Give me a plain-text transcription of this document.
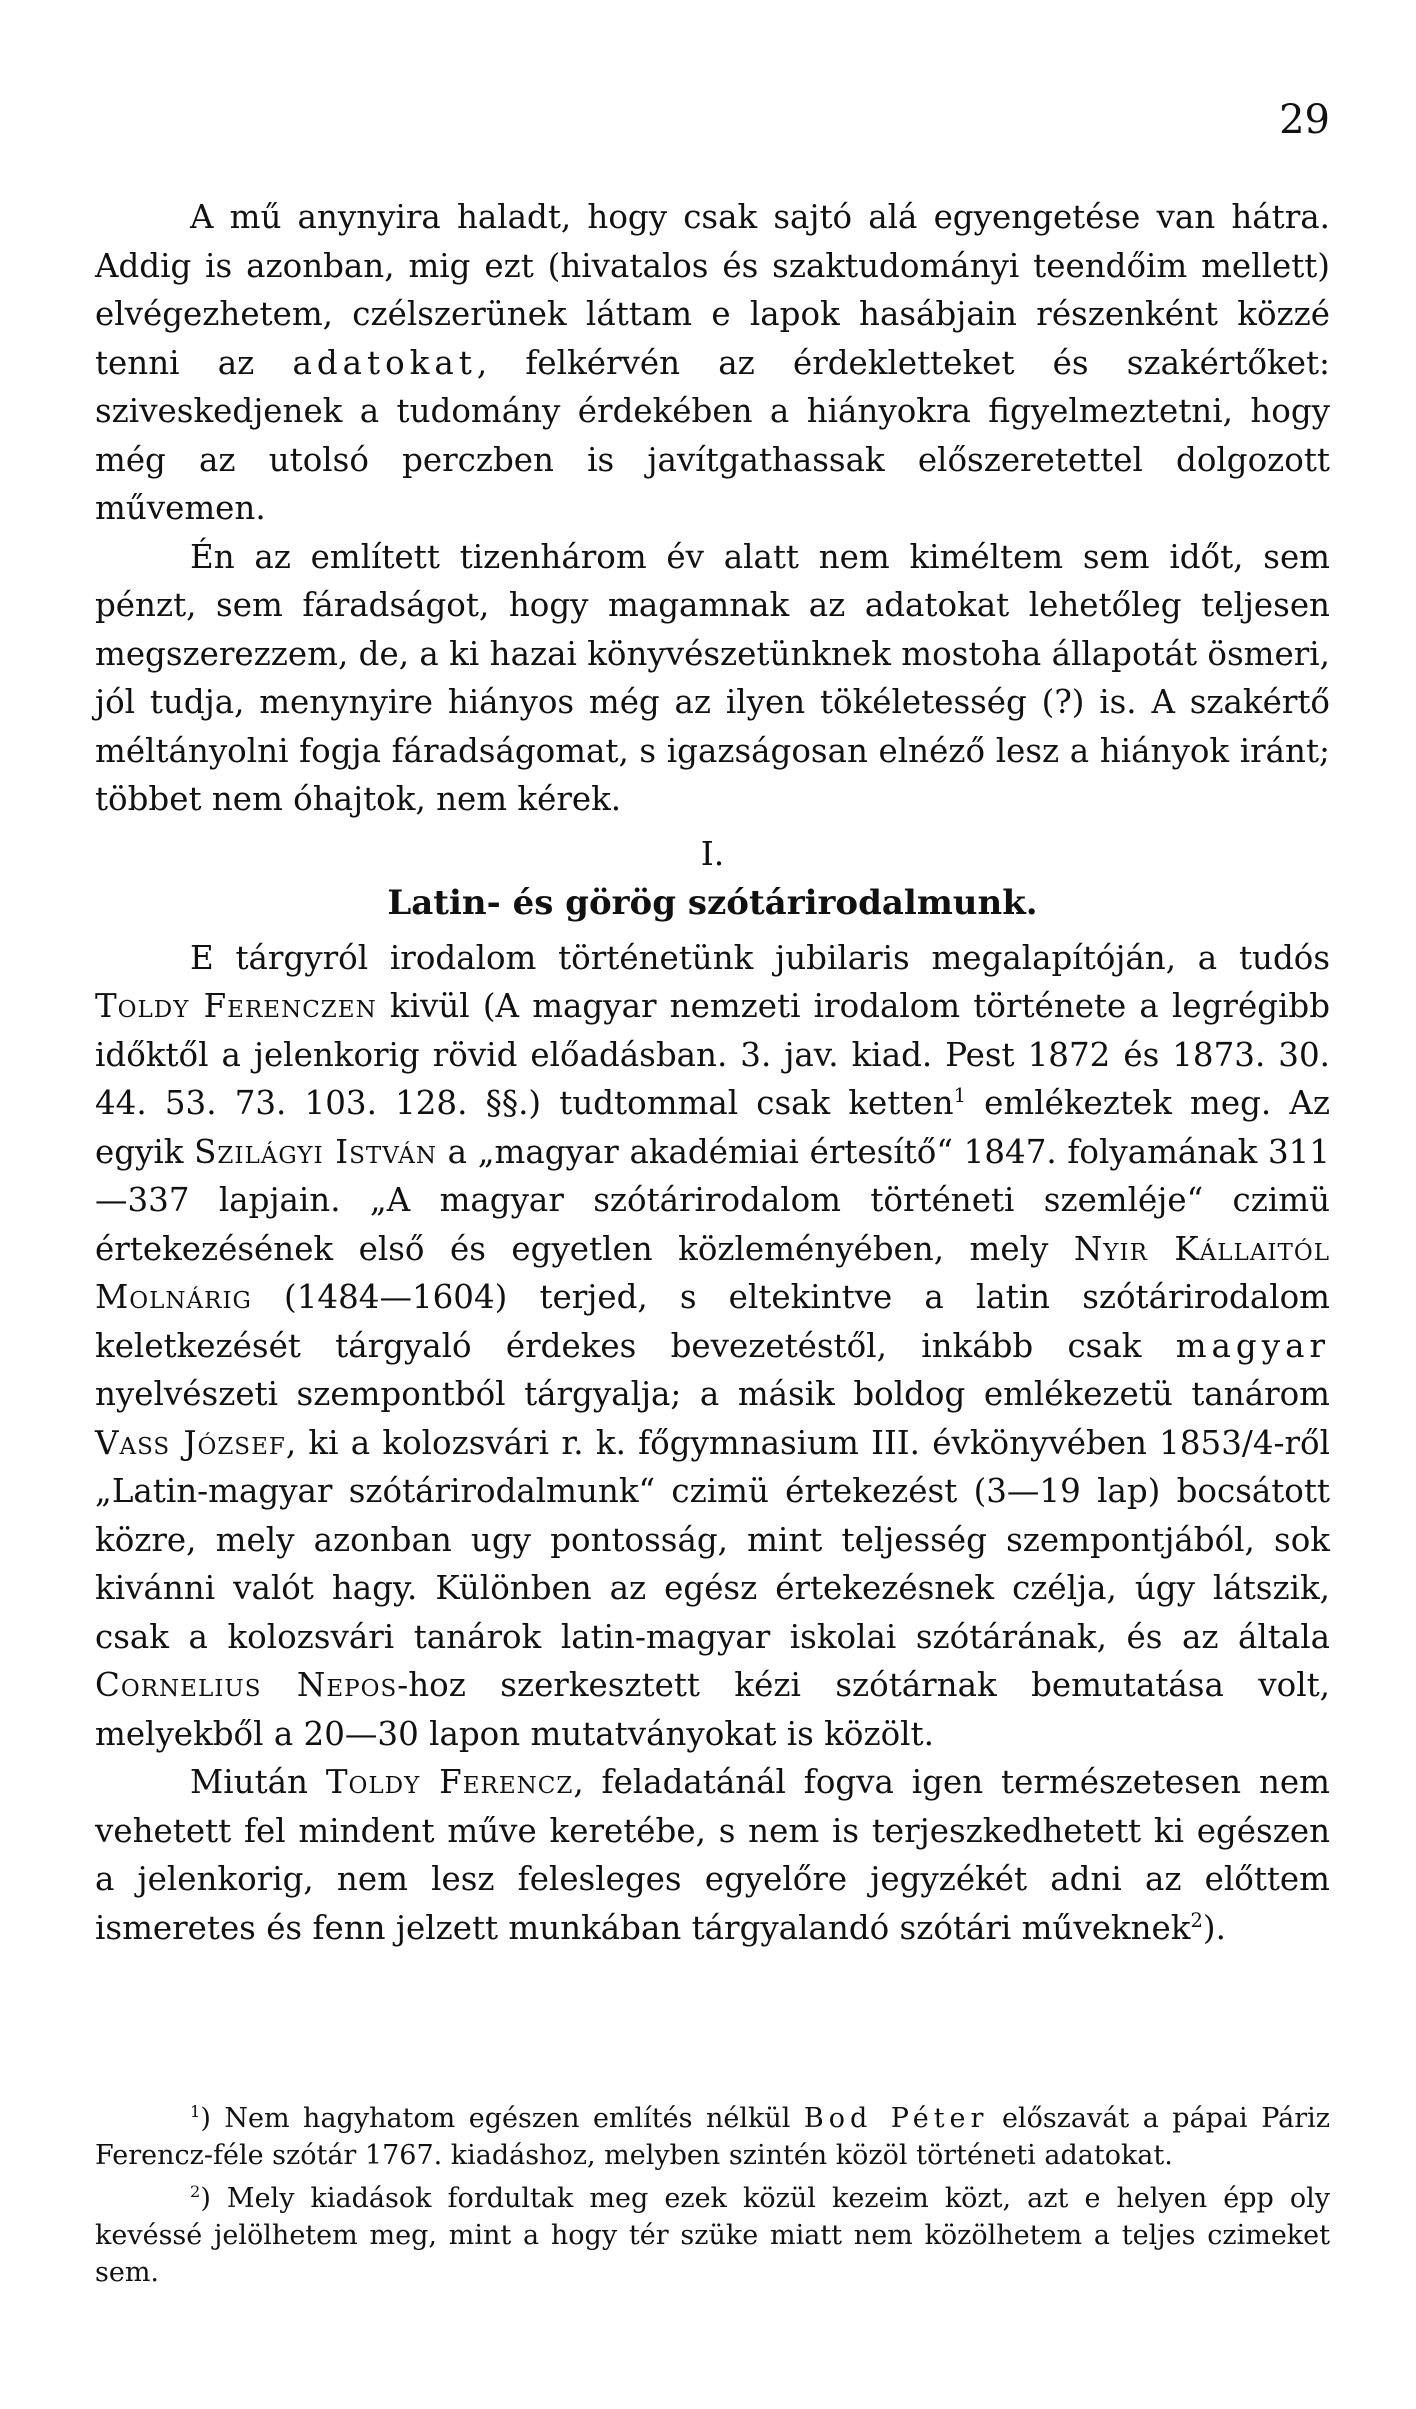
29

A mű anynyira haladt, hogy csak sajtó alá egyengetése van hátra. Addig is azonban, mig ezt (hivatalos és szaktudományi teendőim mellett) elvégezhetem, czélszerünek láttam e lapok hasábjain részenként közzé tenni az adatokat, felkérvén az érdekletteket és szakértőket: sziveskedjenek a tudomány érdekében a hiányokra figyelmeztetni, hogy még az utolsó perczben is javítgathassak előszeretettel dolgozott művemen.

Én az említett tizenhárom év alatt nem kiméltem sem időt, sem pénzt, sem fáradságot, hogy magamnak az adatokat lehetőleg teljesen megszerezzem, de, a ki hazai könyvészetünknek mostoha állapotát ösmeri, jól tudja, menynyire hiányos még az ilyen tökéletesség (?) is. A szakértő méltányolni fogja fáradságomat, s igazságosan elnéző lesz a hiányok iránt; többet nem óhajtok, nem kérek.

I.
Latin- és görög szótárirodalmunk.

E tárgyról irodalom történetünk jubilaris megalapítóján, a tudós Toldy Ferenczen kivül (A magyar nemzeti irodalom története a legrégibb időktől a jelenkorig rövid előadásban. 3. jav. kiad. Pest 1872 és 1873. 30. 44. 53. 73. 103. 128. §§.) tudtommal csak ketten$^1$ emlékeztek meg. Az egyik Szilágyi István a „magyar akadémiai értesítő“ 1847. folyamának 311—337 lapjain. „A magyar szótárirodalom történeti szemléje“ czimü értekezésének első és egyetlen közleményében, mely Nyir Kállaitól Molnárig (1484—1604) terjed, s eltekintve a latin szótárirodalom keletkezését tárgyaló érdekes bevezetéstől, inkább csak magyar nyelvészeti szempontból tárgyalja; a másik boldog emlékezetü tanárom Vass József, ki a kolozsvári r. k. főgymnasium III. évkönyvében 1853/4-ről „Latin-magyar szótárirodalmunk“ czimü értekezést (3—19 lap) bocsátott közre, mely azonban ugy pontosság, mint teljesség szempontjából, sok kivánni valót hagy. Különben az egész értekezésnek czélja, úgy látszik, csak a kolozsvári tanárok latin-magyar iskolai szótárának, és az általa Cornelius Nepos-hoz szerkesztett kézi szótárnak bemutatása volt, melyekből a 20—30 lapon mutatványokat is közölt.

Miután Toldy Ferencz, feladatánál fogva igen természetesen nem vehetett fel mindent műve keretébe, s nem is terjeszkedhetett ki egészen a jelenkorig, nem lesz felesleges egyelőre jegyzékét adni az előttem ismeretes és fenn jelzett munkában tárgyalandó szótári műveknek$^2$).

$^1$) Nem hagyhatom egészen említés nélkül Bod Péter előszavát a pápai Páriz Ferencz-féle szótár 1767. kiadáshoz, melyben szintén közöl történeti adatokat.

$^2$) Mely kiadások fordultak meg ezek közül kezeim közt, azt e helyen épp oly kevéssé jelölhetem meg, mint a hogy tér szüke miatt nem közölhetem a teljes czimeket sem.
